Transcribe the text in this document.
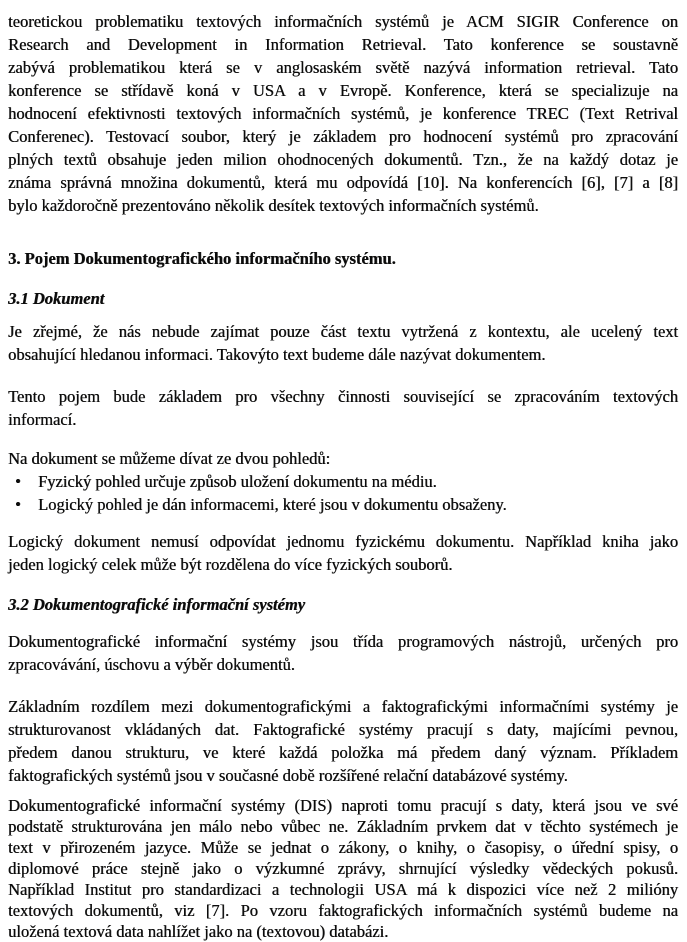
teoretickou problematiku textových informačních systémů je ACM SIGIR Conference on
Research and Development in Information Retrieval. Tato konference se soustavně
zabývá problematikou která se v anglosaském světě nazývá information retrieval. Tato
konference se střídavě koná v USA a v Evropě. Konference, která se specializuje na
hodnocení efektivnosti textových informačních systémů, je konference TREC (Text Retrival
Conferenec). Testovací soubor, který je základem pro hodnocení systémů pro zpracování
plných textů obsahuje jeden milion ohodnocených dokumentů. Tzn., že na každý dotaz je
známa správná množina dokumentů, která mu odpovídá [10]. Na konferencích [6], [7] a [8]
bylo každoročně prezentováno několik desítek textových informačních systémů.
3. Pojem Dokumentografického informačního systému.
3.1 Dokument
Je zřejmé, že nás nebude zajímat pouze část textu vytržená z kontextu, ale ucelený text
obsahující hledanou informaci. Takovýto text budeme dále nazývat dokumentem.
Tento pojem bude základem pro všechny činnosti související se zpracováním textových
informací.
Na dokument se můžeme dívat ze dvou pohledů:
•	Fyzický pohled určuje způsob uložení dokumentu na médiu.
•	Logický pohled je dán informacemi, které jsou v dokumentu obsaženy.
Logický dokument nemusí odpovídat jednomu fyzickému dokumentu. Například kniha jako
jeden logický celek může být rozdělena do více fyzických souborů.
3.2 Dokumentografické informační systémy
Dokumentografické informační systémy jsou třída programových nástrojů, určených pro
zpracovávání, úschovu a výběr dokumentů.
Základním rozdílem mezi dokumentografickými a faktografickými informačními systémy je
strukturovanost vkládaných dat. Faktografické systémy pracují s daty, majícími pevnou,
předem danou strukturu, ve které každá položka má předem daný význam. Příkladem
faktografických systémů jsou v současné době rozšířené relační databázové systémy.
Dokumentografické informační systémy (DIS) naproti tomu pracují s daty, která jsou ve své
podstatě strukturována jen málo nebo vůbec ne. Základním prvkem dat v těchto systémech je
text v přirozeném jazyce. Může se jednat o zákony, o knihy, o časopisy, o úřední spisy, o
diplomové práce stejně jako o výzkumné zprávy, shrnující výsledky vědeckých pokusů.
Například Institut pro standardizaci a technologii USA má k dispozici více než 2 milióny
textových dokumentů, viz [7]. Po vzoru faktografických informačních systémů budeme na
uložená textová data nahlížet jako na (textovou) databázi.
